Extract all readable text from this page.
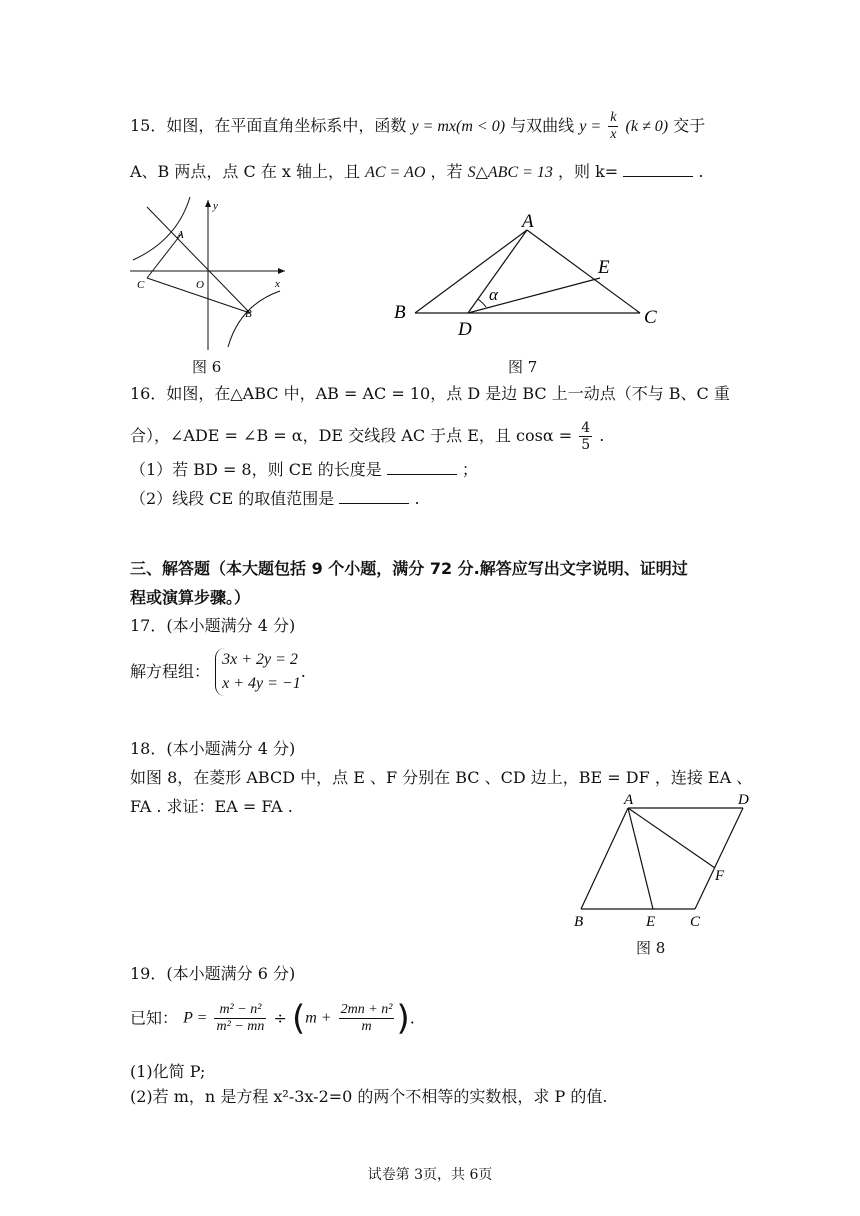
15．如图，在平面直角坐标系中，函数 y = mx(m < 0) 与双曲线 $y = \frac{k}{x} (k \ne 0)$ 交于
A、B 两点，点 C 在 x 轴上，且 AC = AO ，若 S△ABC = 13 ，则 k=	.
y
x
A
C	O
B
图 6
A
B	C
D
E
α
图 7
16．如图，在△ABC 中，AB = AC = 10，点 D 是边 BC 上一动点（不与 B、C 重
合），∠ADE = ∠B = α，DE 交线段 AC 于点 E，且 $\cos\alpha = \frac{4}{5}$ .
（1）若 BD = 8，则 CE 的长度是	；
（2）线段 CE 的取值范围是	.
三、解答题（本大题包括 9 个小题，满分 72 分.解答应写出文字说明、证明过
程或演算步骤。）
17．(本小题满分 4 分)
解方程组：
3x + 2y = 2
x + 4y = −1
.
18．(本小题满分 4 分)
如图 8，在菱形 ABCD 中，点 E 、F 分别在 BC 、CD 边上，BE = DF ，连接 EA 、
FA . 求证：EA = FA .	A	D
F
B	E C
图 8
19．(本小题满分 6 分)
已知： $P = \frac{\text{m² − n²}}{\text{m² − mn}} \div (m + \frac{\text{2mn + n²}}{m}$ ).
(1)化简 P;
(2)若 m，n 是方程 x²-3x-2=0 的两个不相等的实数根，求 P 的值.
试卷第 3页，共 6页
